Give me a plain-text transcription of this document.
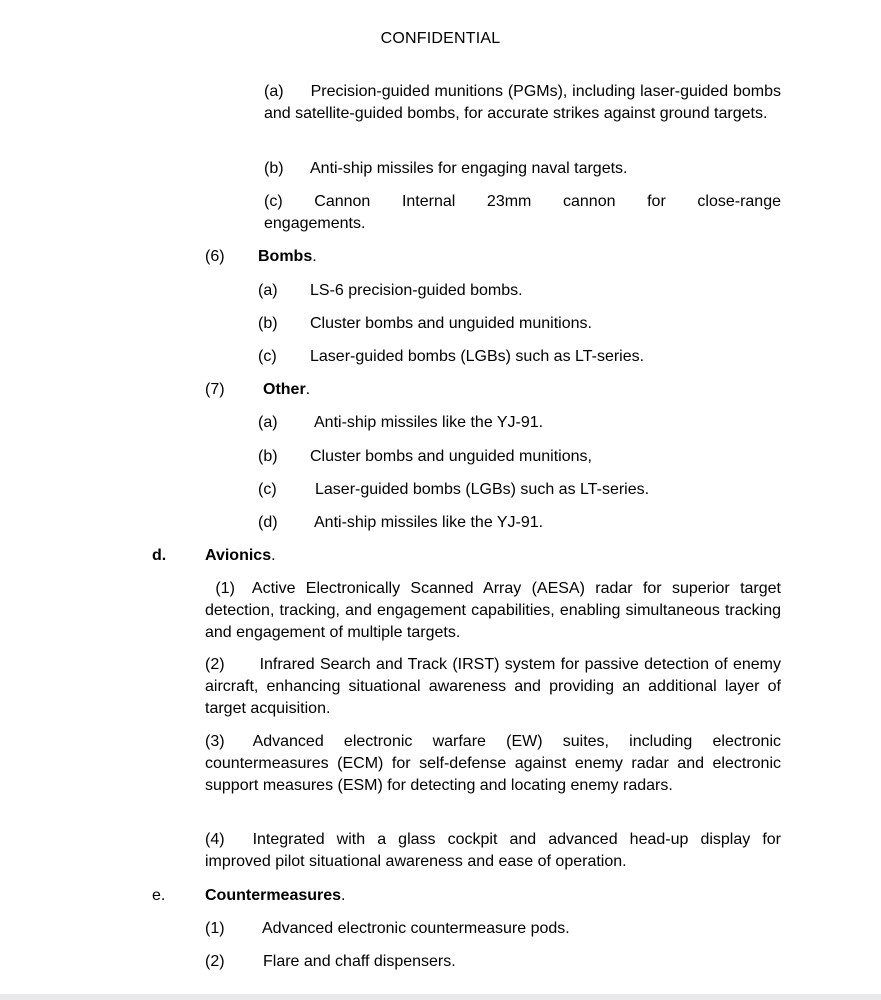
CONFIDENTIAL
(a) Precision-guided munitions (PGMs), including laser-guided bombs and satellite-guided bombs, for accurate strikes against ground targets.
(b) Anti-ship missiles for engaging naval targets.
(c) Cannon Internal 23mm cannon for close-range
engagements.
(6) Bombs.
(a) LS-6 precision-guided bombs.
(b) Cluster bombs and unguided munitions.
(c) Laser-guided bombs (LGBs) such as LT-series.
(7) Other.
(a) Anti-ship missiles like the YJ-91.
(b) Cluster bombs and unguided munitions,
(c) Laser-guided bombs (LGBs) such as LT-series.
(d) Anti-ship missiles like the YJ-91.
d. Avionics.
(1) Active Electronically Scanned Array (AESA) radar for superior target detection, tracking, and engagement capabilities, enabling simultaneous tracking and engagement of multiple targets.
(2) Infrared Search and Track (IRST) system for passive detection of enemy aircraft, enhancing situational awareness and providing an additional layer of target acquisition.
(3) Advanced electronic warfare (EW) suites, including electronic countermeasures (ECM) for self-defense against enemy radar and electronic support measures (ESM) for detecting and locating enemy radars.
(4) Integrated with a glass cockpit and advanced head-up display for improved pilot situational awareness and ease of operation.
e. Countermeasures.
(1) Advanced electronic countermeasure pods.
(2) Flare and chaff dispensers.
